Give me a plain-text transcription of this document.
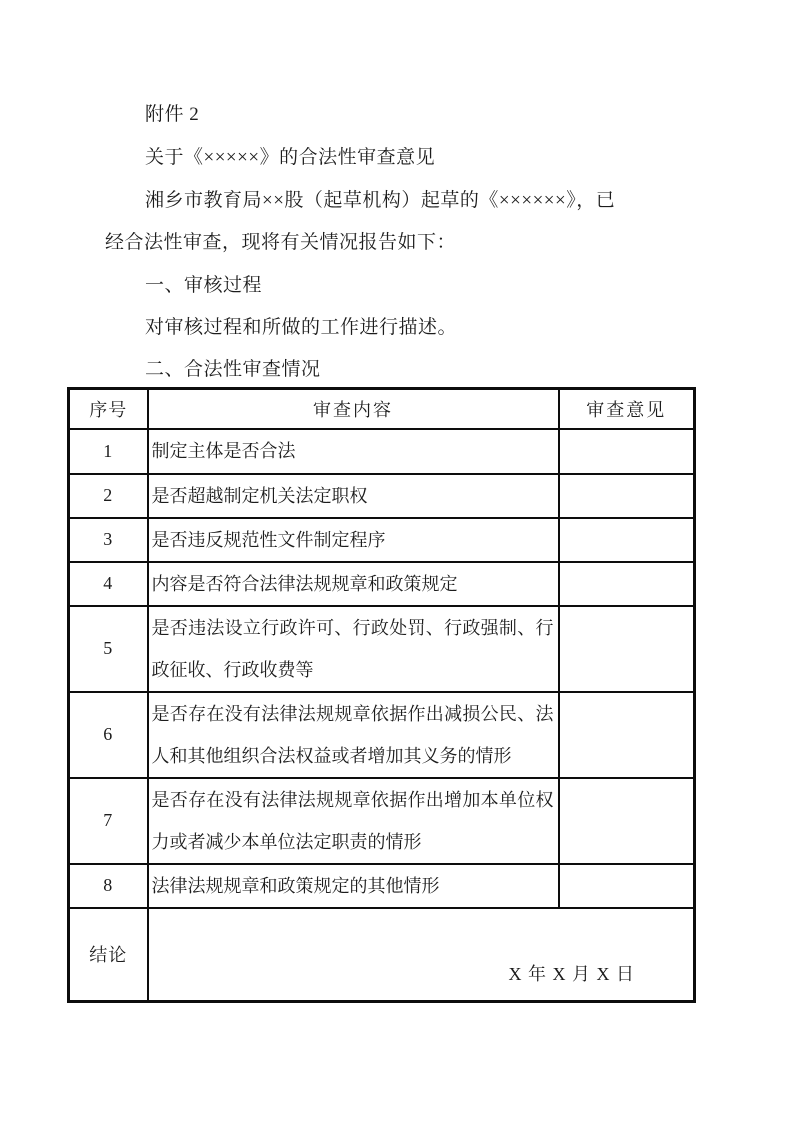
附件 2
关于《×××××》的合法性审查意见
湘乡市教育局××股（起草机构）起草的《××××××》，已
经合法性审查，现将有关情况报告如下：
一、审核过程
对审核过程和所做的工作进行描述。
二、合法性审查情况
序号	审查内容	审查意见
1	制定主体是否合法	
2	是否超越制定机关法定职权	
3	是否违反规范性文件制定程序	
4	内容是否符合法律法规规章和政策规定	
5	是否违法设立行政许可、行政处罚、行政强制、行政征收、行政收费等	
6	是否存在没有法律法规规章依据作出减损公民、法人和其他组织合法权益或者增加其义务的情形	
7	是否存在没有法律法规规章依据作出增加本单位权力或者减少本单位法定职责的情形	
8	法律法规规章和政策规定的其他情形	
结论	X 年 X 月 X 日	
